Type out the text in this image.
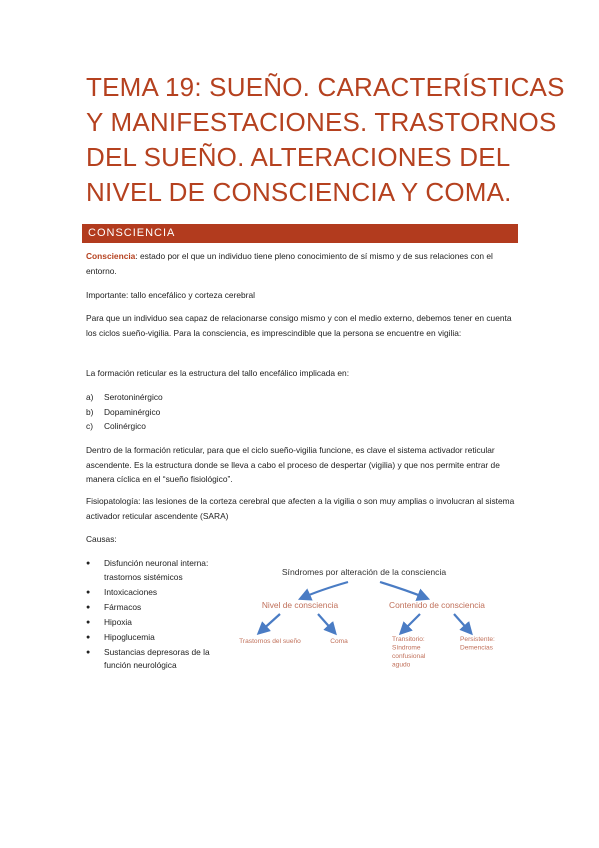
TEMA 19: SUEÑO. CARACTERÍSTICAS
Y MANIFESTACIONES. TRASTORNOS
DEL SUEÑO. ALTERACIONES DEL
NIVEL DE CONSCIENCIA Y COMA.
CONSCIENCIA

Consciencia: estado por el que un individuo tiene pleno conocimiento de sí mismo y de sus relaciones con el entorno.

Importante: tallo encefálico y corteza cerebral

Para que un individuo sea capaz de relacionarse consigo mismo y con el medio externo, debemos tener en cuenta los ciclos sueño-vigilia. Para la consciencia, es imprescindible que la persona se encuentre en vigilia:

La formación reticular es la estructura del tallo encefálico implicada en:

a)	Serotoninérgico
b)	Dopaminérgico
c)	Colinérgico

Dentro de la formación reticular, para que el ciclo sueño-vigilia funcione, es clave el sistema activador reticular ascendente. Es la estructura donde se lleva a cabo el proceso de despertar (vigilia) y que nos permite entrar de manera cíclica en el “sueño fisiológico”.

Fisiopatología: las lesiones de la corteza cerebral que afecten a la vigilia o son muy amplias o involucran al sistema activador reticular ascendente (SARA)

Causas:

●	Disfunción neuronal interna: trastornos sistémicos
●	Intoxicaciones
●	Fármacos
●	Hipoxia
●	Hipoglucemia
●	Sustancias depresoras de la función neurológica
Síndromes por alteración de la consciencia
Nivel de consciencia	Contenido de consciencia
Trastornos del sueño	Coma	Transitorio: Síndrome confusional agudo
Persistente: Demencias
